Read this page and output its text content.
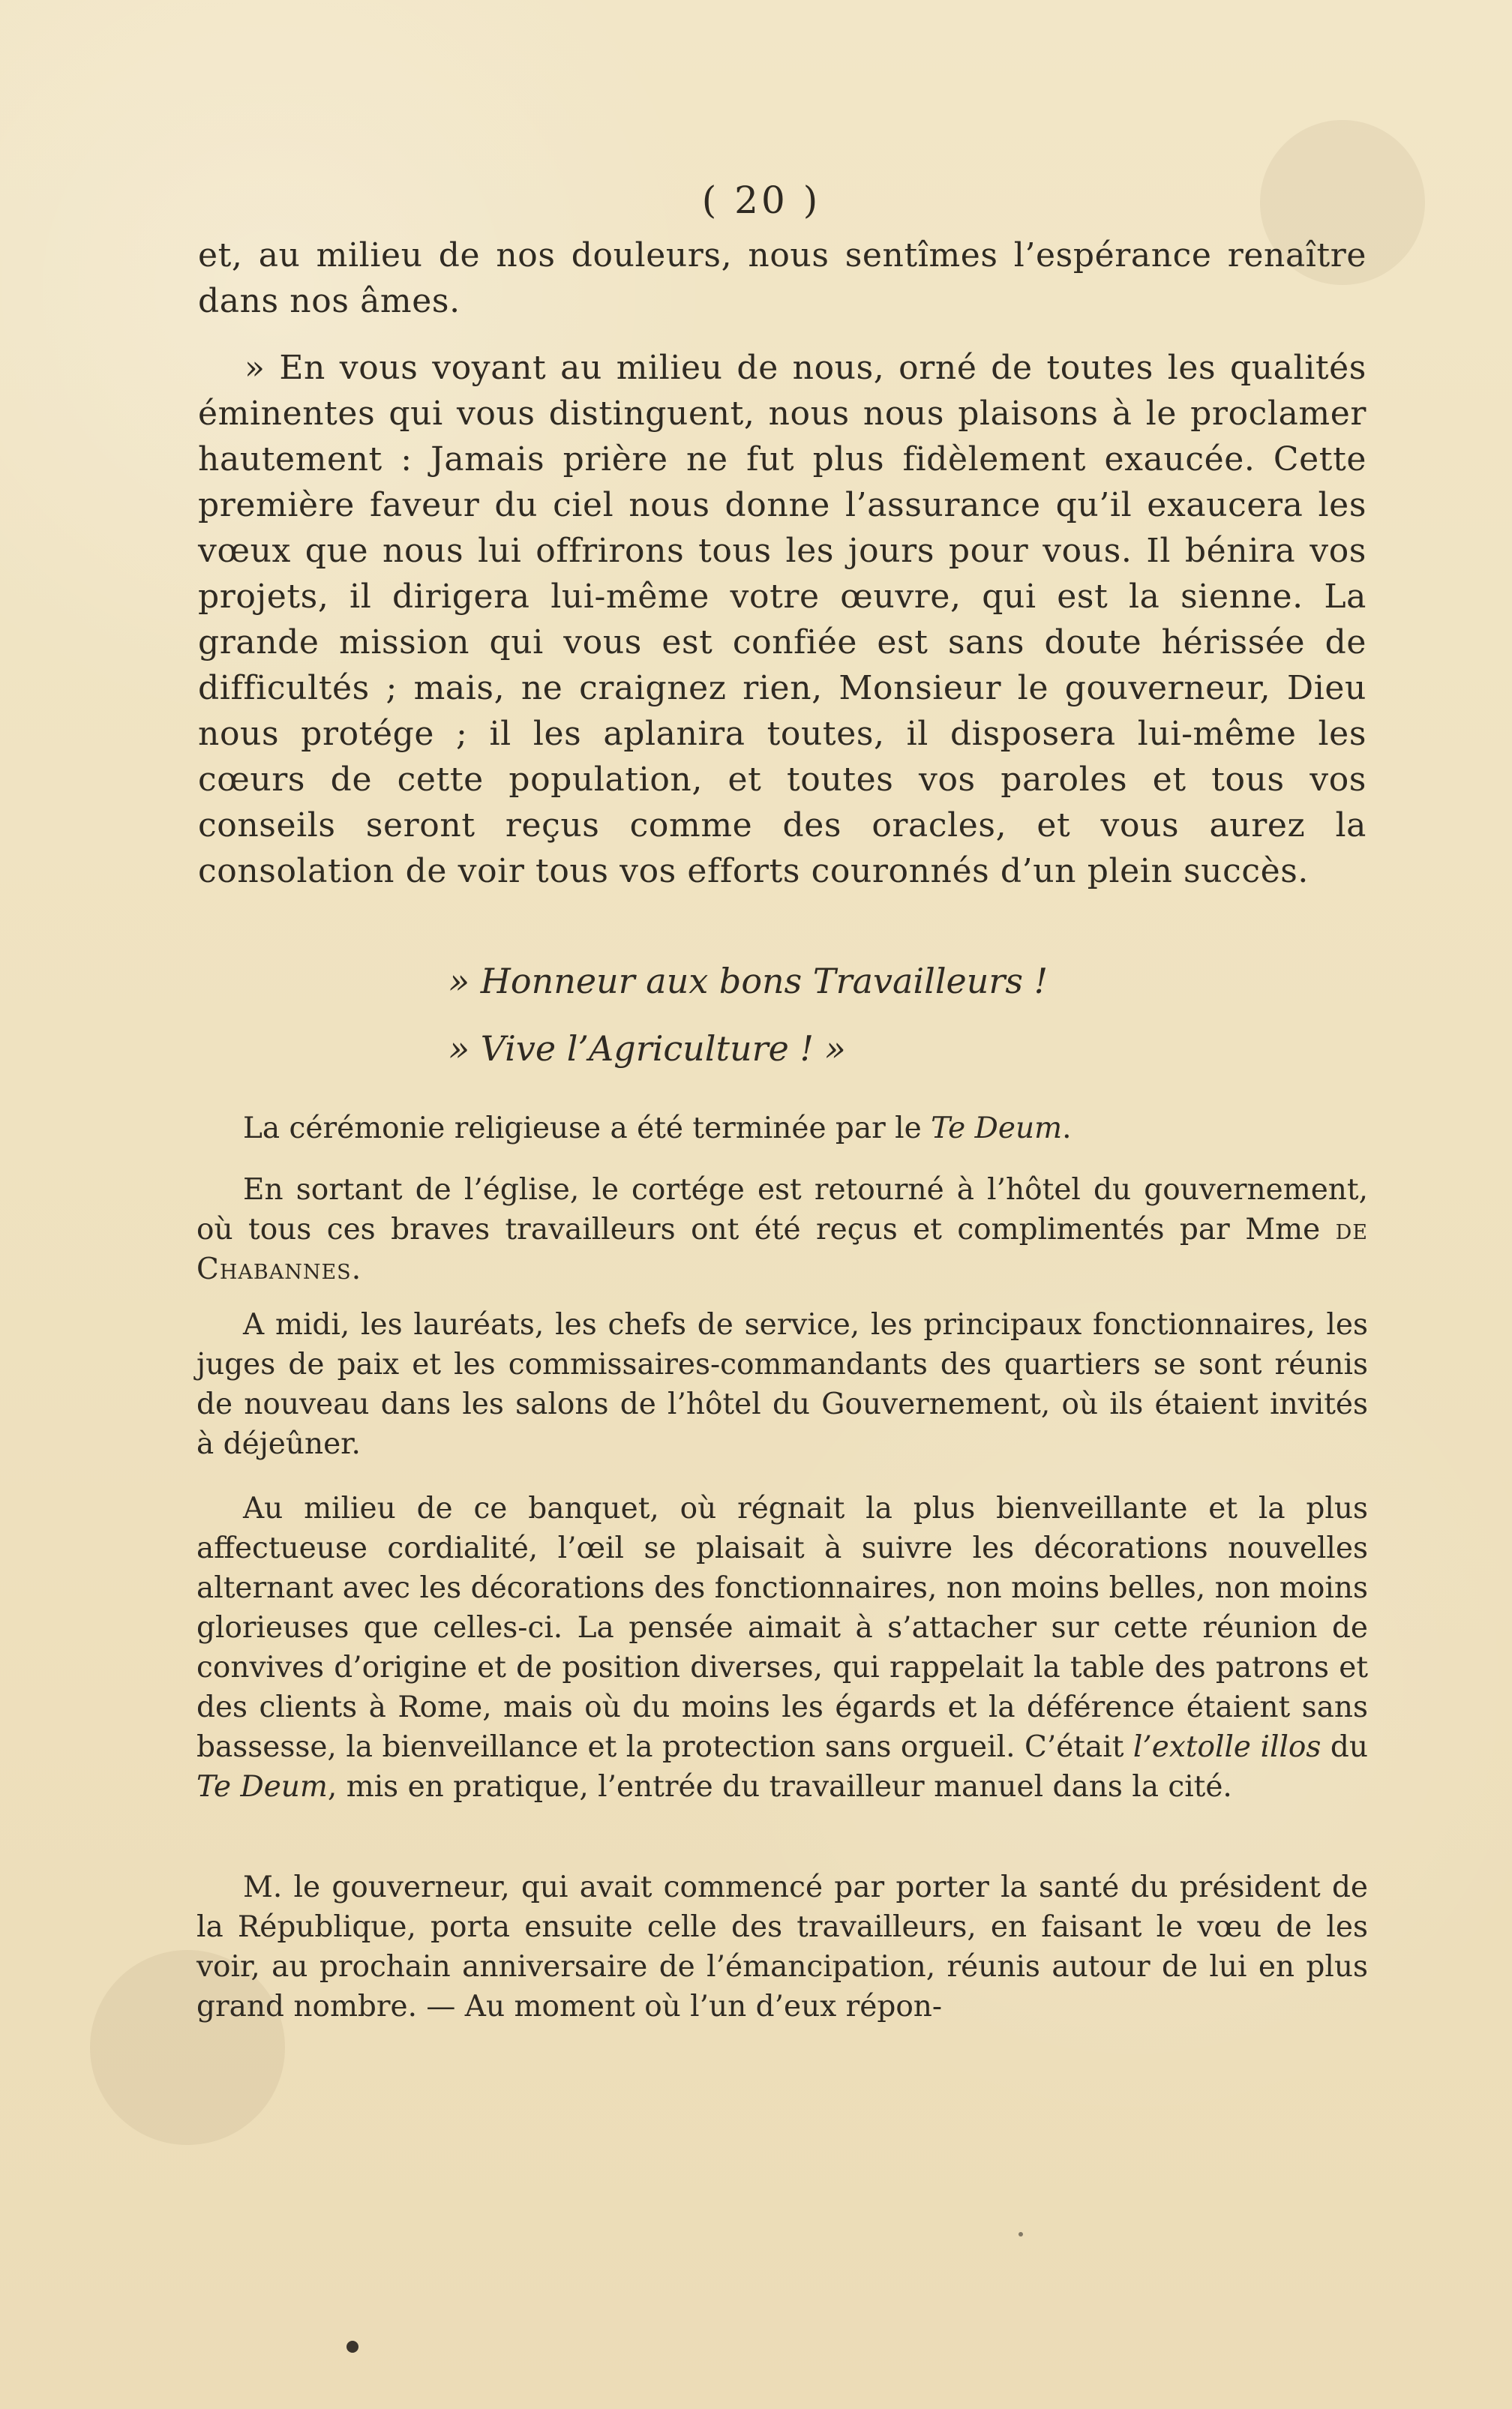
( 20 )
et, au milieu de nos douleurs, nous sentîmes l’espérance renaître dans nos âmes.
» En vous voyant au milieu de nous, orné de toutes les qualités éminentes qui vous distinguent, nous nous plaisons à le proclamer hautement : Jamais prière ne fut plus fidèlement exaucée. Cette première faveur du ciel nous donne l’assurance qu’il exaucera les vœux que nous lui offrirons tous les jours pour vous. Il bénira vos projets, il dirigera lui-même votre œuvre, qui est la sienne. La grande mission qui vous est confiée est sans doute hérissée de difficultés ; mais, ne craignez rien, Monsieur le gouverneur, Dieu nous protége ; il les aplanira toutes, il disposera lui-même les cœurs de cette population, et toutes vos paroles et tous vos conseils seront reçus comme des oracles, et vous aurez la consolation de voir tous vos efforts couronnés d’un plein succès.
» Honneur aux bons Travailleurs !
» Vive l’Agriculture ! »
La cérémonie religieuse a été terminée par le Te Deum.
En sortant de l’église, le cortége est retourné à l’hôtel du gouvernement, où tous ces braves travailleurs ont été reçus et complimentés par Mme de Chabannes.
A midi, les lauréats, les chefs de service, les principaux fonctionnaires, les juges de paix et les commissaires-commandants des quartiers se sont réunis de nouveau dans les salons de l’hôtel du Gouvernement, où ils étaient invités à déjeûner.
Au milieu de ce banquet, où régnait la plus bienveillante et la plus affectueuse cordialité, l’œil se plaisait à suivre les décorations nouvelles alternant avec les décorations des fonctionnaires, non moins belles, non moins glorieuses que celles-ci. La pensée aimait à s’attacher sur cette réunion de convives d’origine et de position diverses, qui rappelait la table des patrons et des clients à Rome, mais où du moins les égards et la déférence étaient sans bassesse, la bienveillance et la protection sans orgueil. C’était l’extolle illos du Te Deum, mis en pratique, l’entrée du travailleur manuel dans la cité.
M. le gouverneur, qui avait commencé par porter la santé du président de la République, porta ensuite celle des travailleurs, en faisant le vœu de les voir, au prochain anniversaire de l’émancipation, réunis autour de lui en plus grand nombre. — Au moment où l’un d’eux répon-
